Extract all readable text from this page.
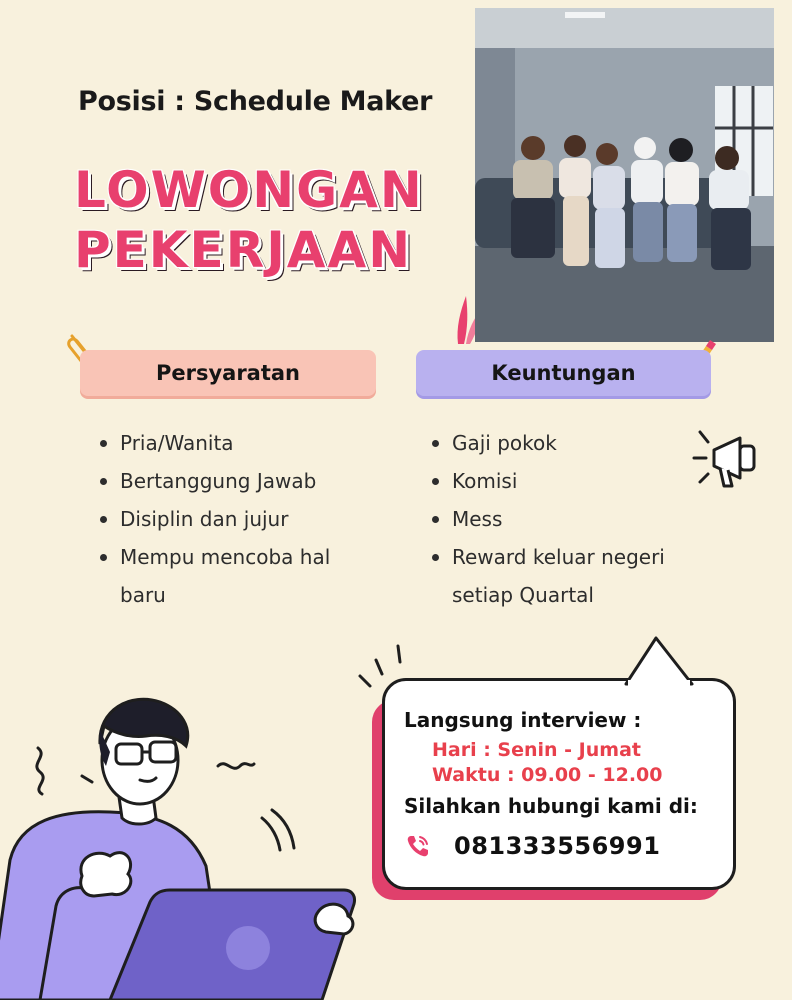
Posisi : Schedule Maker
LOWONGAN
PEKERJAAN
Persyaratan	Keuntungan
Pria/Wanita
Bertanggung Jawab
Disiplin dan jujur
Mempu mencoba hal baru
Gaji pokok
Komisi
Mess
Reward keluar negeri setiap Quartal
Langsung interview :
Hari : Senin - Jumat
Waktu : 09.00 - 12.00
Silahkan hubungi kami di:
081333556991
